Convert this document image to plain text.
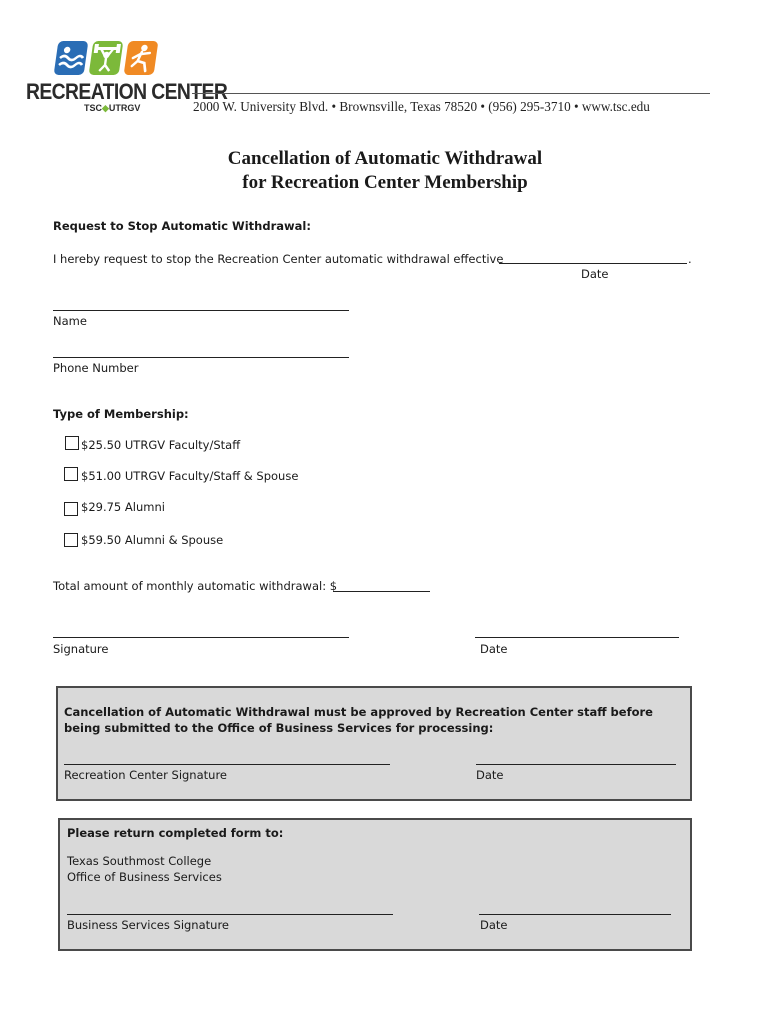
RECREATION CENTER
TSC◆UTRGV	2000 W. University Blvd. • Brownsville, Texas 78520 • (956) 295-3710 • www.tsc.edu
Cancellation of Automatic Withdrawal
for Recreation Center Membership
Request to Stop Automatic Withdrawal:
I hereby request to stop the Recreation Center automatic withdrawal effective	.
Date
Name
Phone Number
Type of Membership:
$25.50 UTRGV Faculty/Staff
$51.00 UTRGV Faculty/Staff & Spouse
$29.75 Alumni
$59.50 Alumni & Spouse
Total amount of monthly automatic withdrawal: $
Signature	Date
Cancellation of Automatic Withdrawal must be approved by Recreation Center staff before being submitted to the Office of Business Services for processing:
Recreation Center Signature	Date
Please return completed form to:
Texas Southmost College
Office of Business Services
Business Services Signature	Date
